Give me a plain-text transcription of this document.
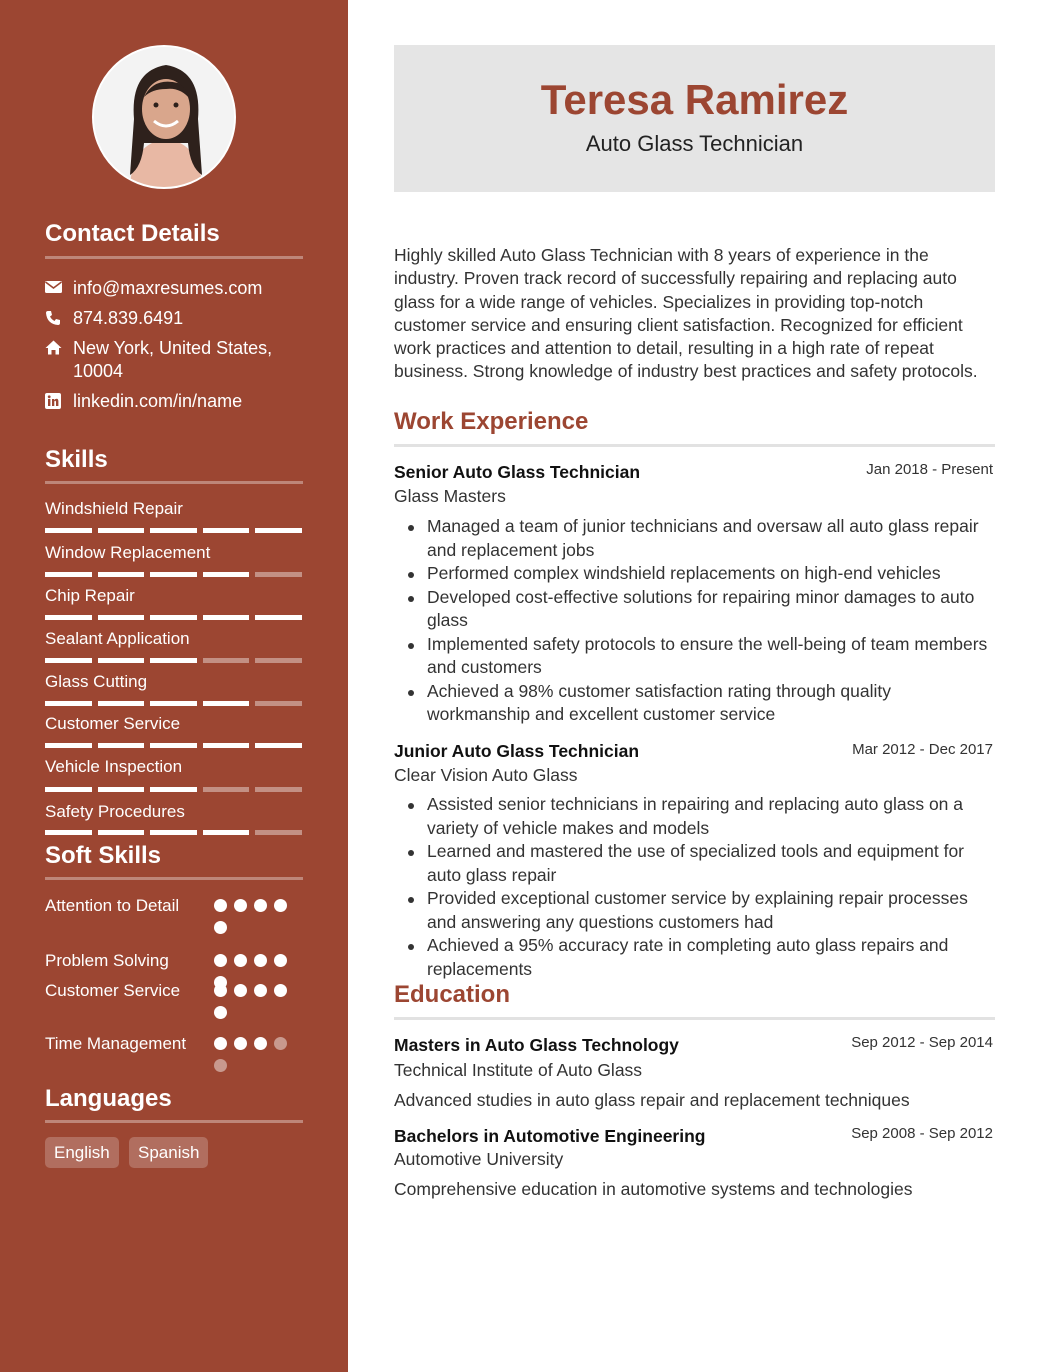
Contact Details
info@maxresumes.com
874.839.6491
New York, United States,
10004
linkedin.com/in/name
Skills
Windshield Repair
Window Replacement
Chip Repair
Sealant Application
Glass Cutting
Customer Service
Vehicle Inspection
Safety Procedures
Soft Skills
Attention to Detail
Problem Solving
Customer Service
Time Management
Languages
English	Spanish
Teresa Ramirez
Auto Glass Technician
Highly skilled Auto Glass Technician with 8 years of experience in the industry. Proven track record of successfully repairing and replacing auto glass for a wide range of vehicles. Specializes in providing top-notch customer service and ensuring client satisfaction. Recognized for efficient work practices and attention to detail, resulting in a high rate of repeat business. Strong knowledge of industry best practices and safety protocols.
Work Experience
Senior Auto Glass Technician	Jan 2018 - Present
Glass Masters
Managed a team of junior technicians and oversaw all auto glass repair and replacement jobs
Performed complex windshield replacements on high-end vehicles
Developed cost-effective solutions for repairing minor damages to auto glass
Implemented safety protocols to ensure the well-being of team members and customers
Achieved a 98% customer satisfaction rating through quality workmanship and excellent customer service
Junior Auto Glass Technician	Mar 2012 - Dec 2017
Clear Vision Auto Glass
Assisted senior technicians in repairing and replacing auto glass on a variety of vehicle makes and models
Learned and mastered the use of specialized tools and equipment for auto glass repair
Provided exceptional customer service by explaining repair processes and answering any questions customers had
Achieved a 95% accuracy rate in completing auto glass repairs and replacements
Education
Masters in Auto Glass Technology	Sep 2012 - Sep 2014
Technical Institute of Auto Glass
Advanced studies in auto glass repair and replacement techniques
Bachelors in Automotive Engineering	Sep 2008 - Sep 2012
Automotive University
Comprehensive education in automotive systems and technologies
